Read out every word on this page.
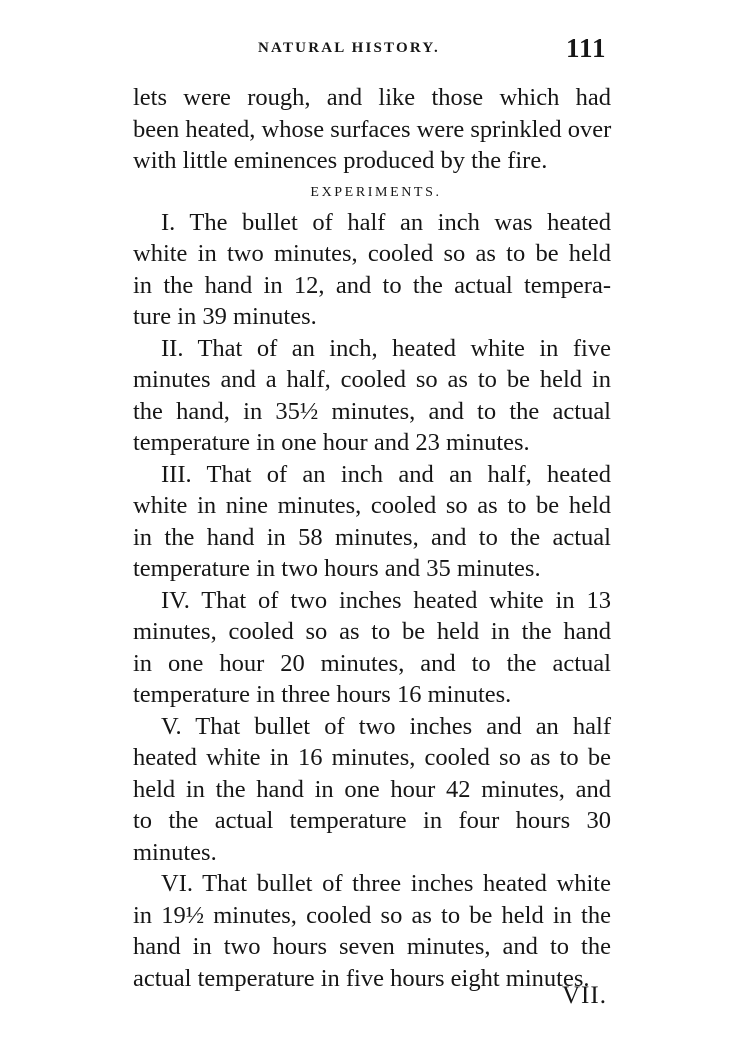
NATURAL HISTORY.	111
lets were rough, and like those which had
been heated, whose surfaces were sprinkled over
with little eminences produced by the fire.
EXPERIMENTS.
I. The bullet of half an inch was heated
white in two minutes, cooled so as to be held
in the hand in 12, and to the actual tempera-
ture in 39 minutes.
II. That of an inch, heated white in five
minutes and a half, cooled so as to be held in
the hand, in 35½ minutes, and to the actual
temperature in one hour and 23 minutes.
III. That of an inch and an half, heated
white in nine minutes, cooled so as to be held
in the hand in 58 minutes, and to the actual
temperature in two hours and 35 minutes.
IV. That of two inches heated white in 13
minutes, cooled so as to be held in the hand
in one hour 20 minutes, and to the actual
temperature in three hours 16 minutes.
V. That bullet of two inches and an half
heated white in 16 minutes, cooled so as to be
held in the hand in one hour 42 minutes, and
to the actual temperature in four hours 30
minutes.
VI. That bullet of three inches heated white
in 19½ minutes, cooled so as to be held in the
hand in two hours seven minutes, and to the
actual temperature in five hours eight minutes.
VII.
